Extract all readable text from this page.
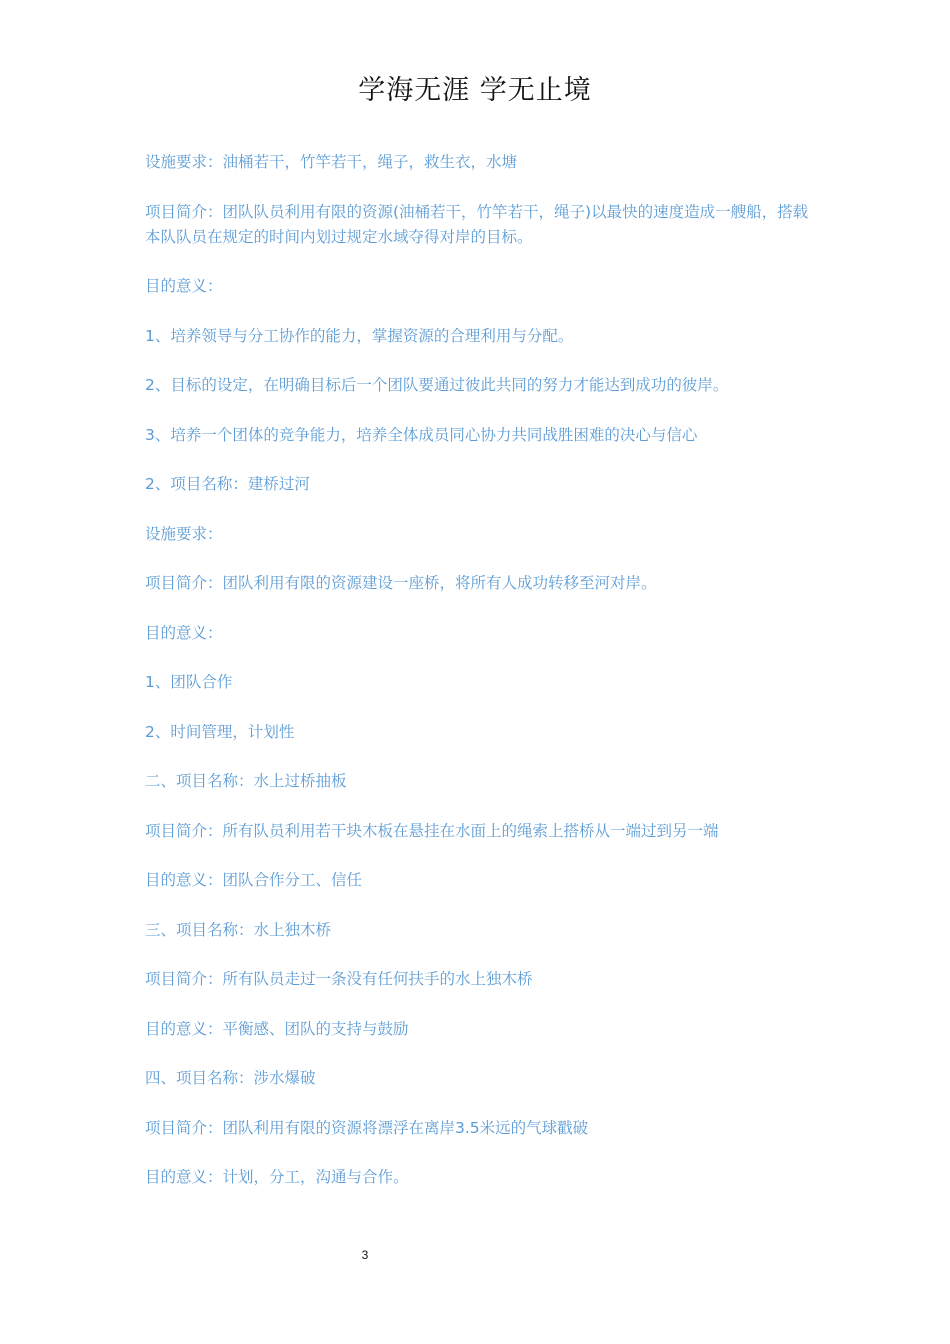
学海无涯 学无止境

设施要求：油桶若干，竹竿若干，绳子，救生衣，水塘

项目简介：团队队员利用有限的资源(油桶若干，竹竿若干，绳子)以最快的速度造成一艘船，搭载本队队员在规定的时间内划过规定水域夺得对岸的目标。

目的意义：

1、培养领导与分工协作的能力，掌握资源的合理利用与分配。

2、目标的设定，在明确目标后一个团队要通过彼此共同的努力才能达到成功的彼岸。

3、培养一个团体的竞争能力，培养全体成员同心协力共同战胜困难的决心与信心

2、项目名称：建桥过河

设施要求：

项目简介：团队利用有限的资源建设一座桥，将所有人成功转移至河对岸。

目的意义：

1、团队合作

2、时间管理，计划性

二、项目名称：水上过桥抽板

项目简介：所有队员利用若干块木板在悬挂在水面上的绳索上搭桥从一端过到另一端

目的意义：团队合作分工、信任

三、项目名称：水上独木桥

项目简介：所有队员走过一条没有任何扶手的水上独木桥

目的意义：平衡感、团队的支持与鼓励

四、项目名称：涉水爆破

项目简介：团队利用有限的资源将漂浮在离岸3.5米远的气球戳破

目的意义：计划，分工，沟通与合作。

3
